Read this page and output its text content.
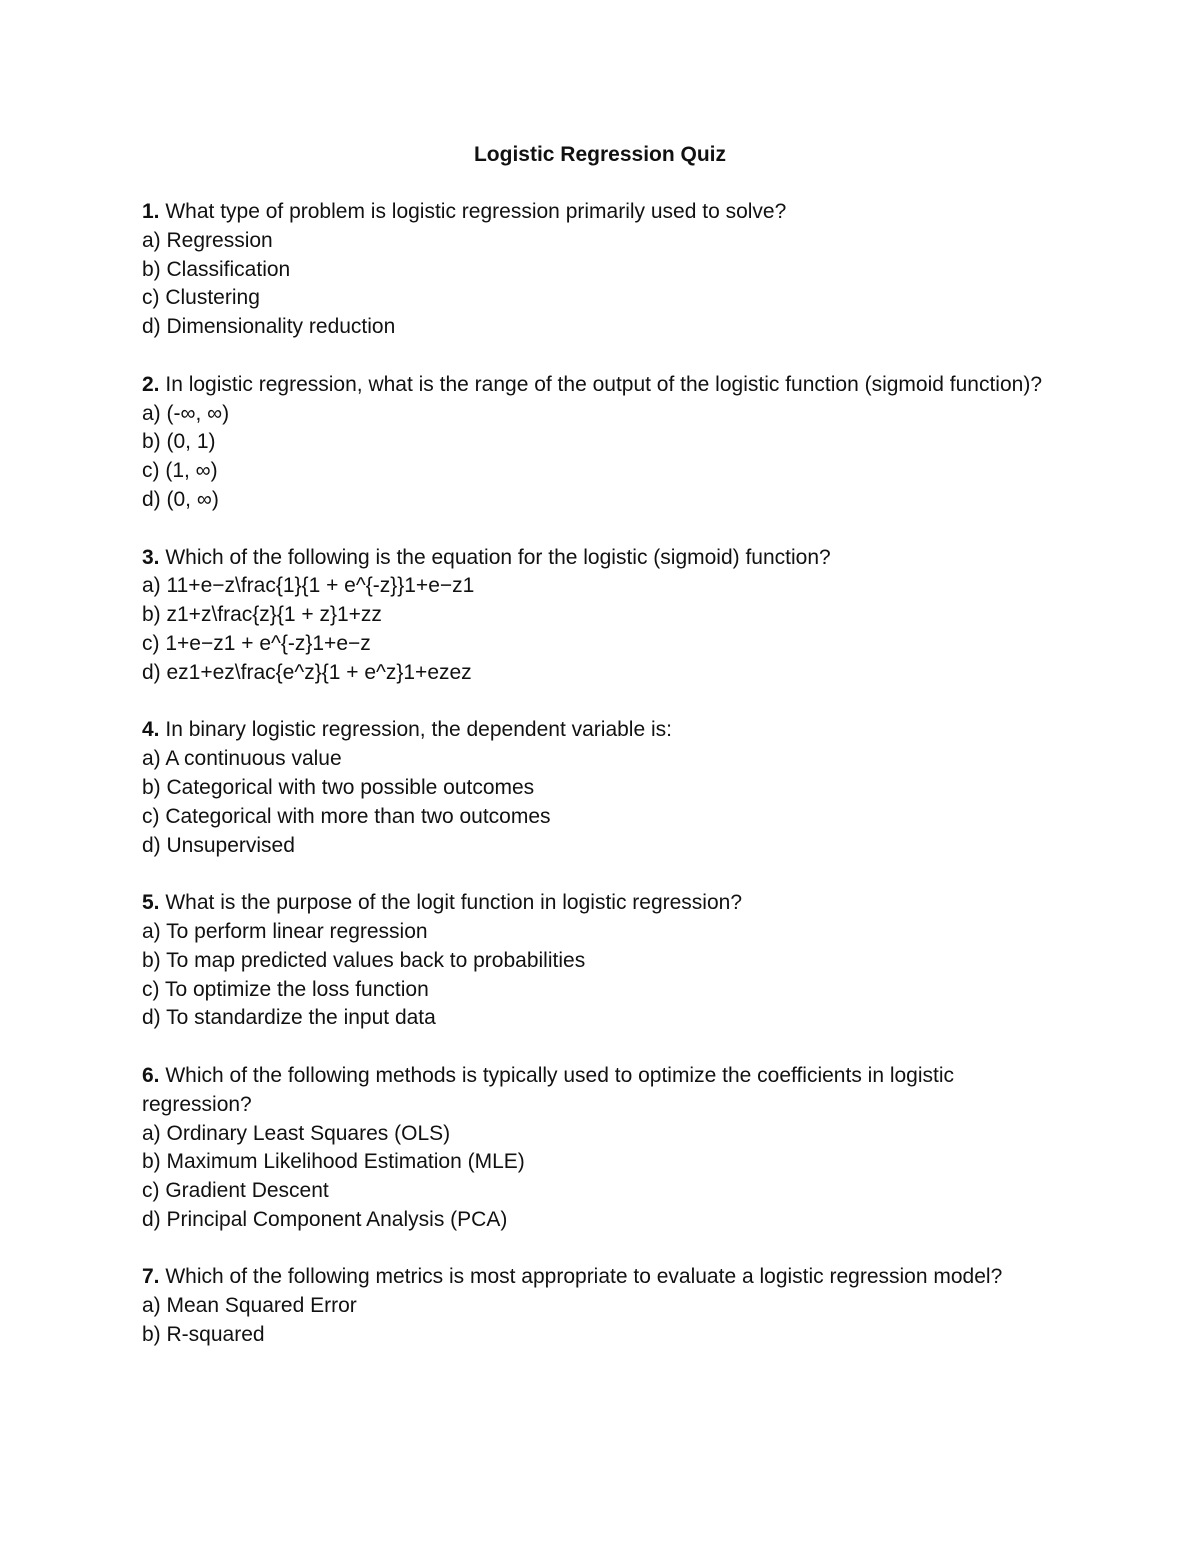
Logistic Regression Quiz

1. What type of problem is logistic regression primarily used to solve?

a) Regression
b) Classification
c) Clustering
d) Dimensionality reduction

2. In logistic regression, what is the range of the output of the logistic function (sigmoid function)?

a) (-∞, ∞)
b) (0, 1)
c) (1, ∞)
d) (0, ∞)

3. Which of the following is the equation for the logistic (sigmoid) function?

a) 11+e−z\frac{1}{1 + e^{-z}}1+e−z1
b) z1+z\frac{z}{1 + z}1+zz
c) 1+e−z1 + e^{-z}1+e−z
d) ez1+ez\frac{e^z}{1 + e^z}1+ezez

4. In binary logistic regression, the dependent variable is:

a) A continuous value
b) Categorical with two possible outcomes
c) Categorical with more than two outcomes
d) Unsupervised

5. What is the purpose of the logit function in logistic regression?

a) To perform linear regression
b) To map predicted values back to probabilities
c) To optimize the loss function
d) To standardize the input data

6. Which of the following methods is typically used to optimize the coefficients in logistic regression?

a) Ordinary Least Squares (OLS)
b) Maximum Likelihood Estimation (MLE)
c) Gradient Descent
d) Principal Component Analysis (PCA)

7. Which of the following metrics is most appropriate to evaluate a logistic regression model?

a) Mean Squared Error
b) R-squared
